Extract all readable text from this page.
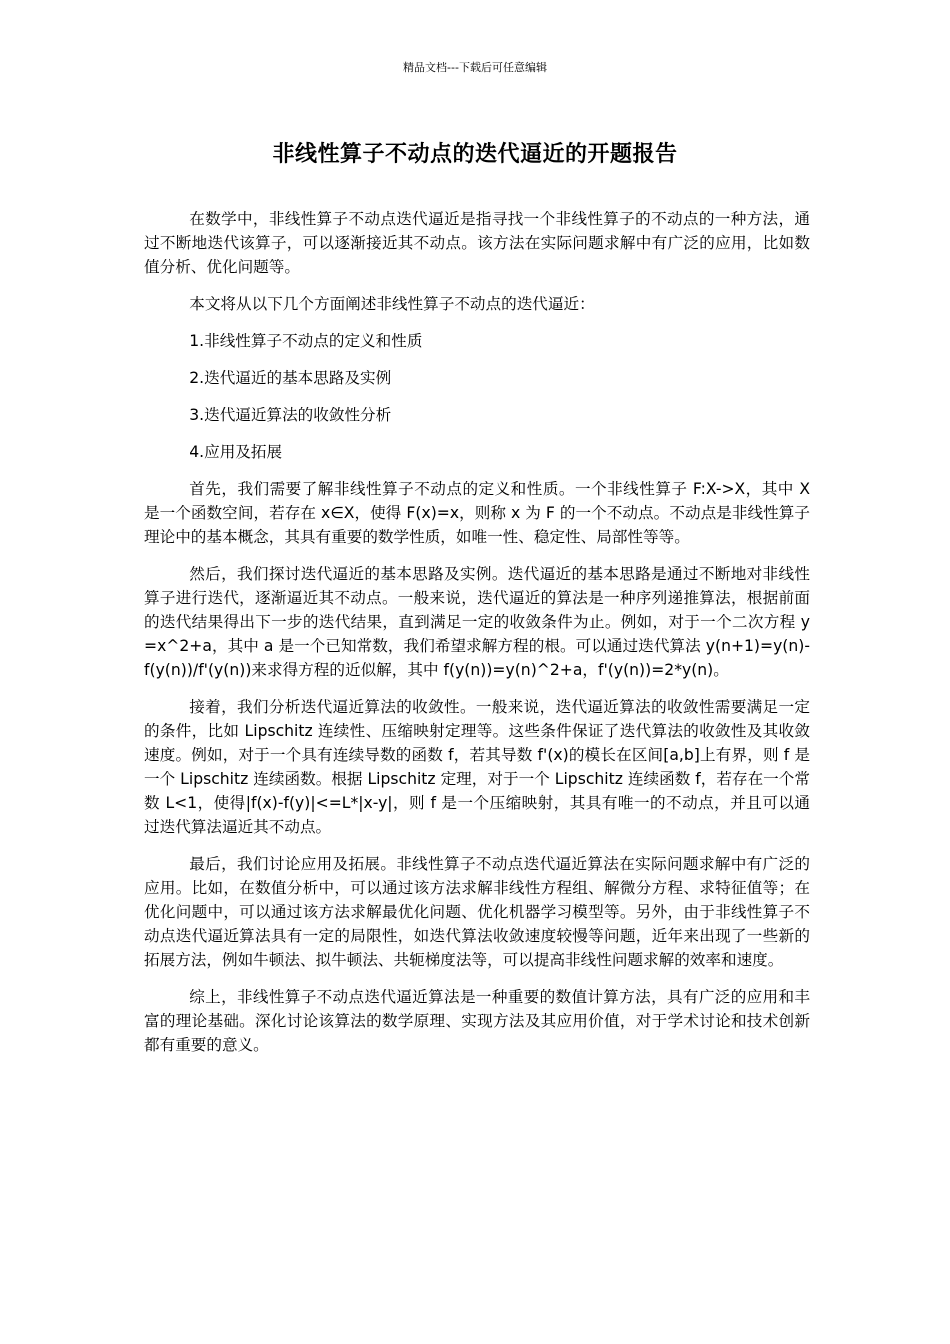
精品文档---下载后可任意编辑
非线性算子不动点的迭代逼近的开题报告

在数学中，非线性算子不动点迭代逼近是指寻找一个非线性算子的不动点的一种方法，通过不断地迭代该算子，可以逐渐接近其不动点。该方法在实际问题求解中有广泛的应用，比如数值分析、优化问题等。

本文将从以下几个方面阐述非线性算子不动点的迭代逼近：

1.非线性算子不动点的定义和性质

2.迭代逼近的基本思路及实例

3.迭代逼近算法的收敛性分析

4.应用及拓展

首先，我们需要了解非线性算子不动点的定义和性质。一个非线性算子 F:X->X，其中 X 是一个函数空间，若存在 x∈X，使得 F(x)=x，则称 x 为 F 的一个不动点。不动点是非线性算子理论中的基本概念，其具有重要的数学性质，如唯一性、稳定性、局部性等等。

然后，我们探讨迭代逼近的基本思路及实例。迭代逼近的基本思路是通过不断地对非线性算子进行迭代，逐渐逼近其不动点。一般来说，迭代逼近的算法是一种序列递推算法，根据前面的迭代结果得出下一步的迭代结果，直到满足一定的收敛条件为止。例如，对于一个二次方程 y=x^2+a，其中 a 是一个已知常数，我们希望求解方程的根。可以通过迭代算法 y(n+1)=y(n)-f(y(n))/f'(y(n))来求得方程的近似解，其中 f(y(n))=y(n)^2+a，f'(y(n))=2*y(n)。

接着，我们分析迭代逼近算法的收敛性。一般来说，迭代逼近算法的收敛性需要满足一定的条件，比如 Lipschitz 连续性、压缩映射定理等。这些条件保证了迭代算法的收敛性及其收敛速度。例如，对于一个具有连续导数的函数 f，若其导数 f'(x)的模长在区间[a,b]上有界，则 f 是一个 Lipschitz 连续函数。根据 Lipschitz 定理，对于一个 Lipschitz 连续函数 f，若存在一个常数 L<1，使得|f(x)-f(y)|<=L*|x-y|，则 f 是一个压缩映射，其具有唯一的不动点，并且可以通过迭代算法逼近其不动点。

最后，我们讨论应用及拓展。非线性算子不动点迭代逼近算法在实际问题求解中有广泛的应用。比如，在数值分析中，可以通过该方法求解非线性方程组、解微分方程、求特征值等；在优化问题中，可以通过该方法求解最优化问题、优化机器学习模型等。另外，由于非线性算子不动点迭代逼近算法具有一定的局限性，如迭代算法收敛速度较慢等问题，近年来出现了一些新的拓展方法，例如牛顿法、拟牛顿法、共轭梯度法等，可以提高非线性问题求解的效率和速度。

综上，非线性算子不动点迭代逼近算法是一种重要的数值计算方法，具有广泛的应用和丰富的理论基础。深化讨论该算法的数学原理、实现方法及其应用价值，对于学术讨论和技术创新都有重要的意义。
